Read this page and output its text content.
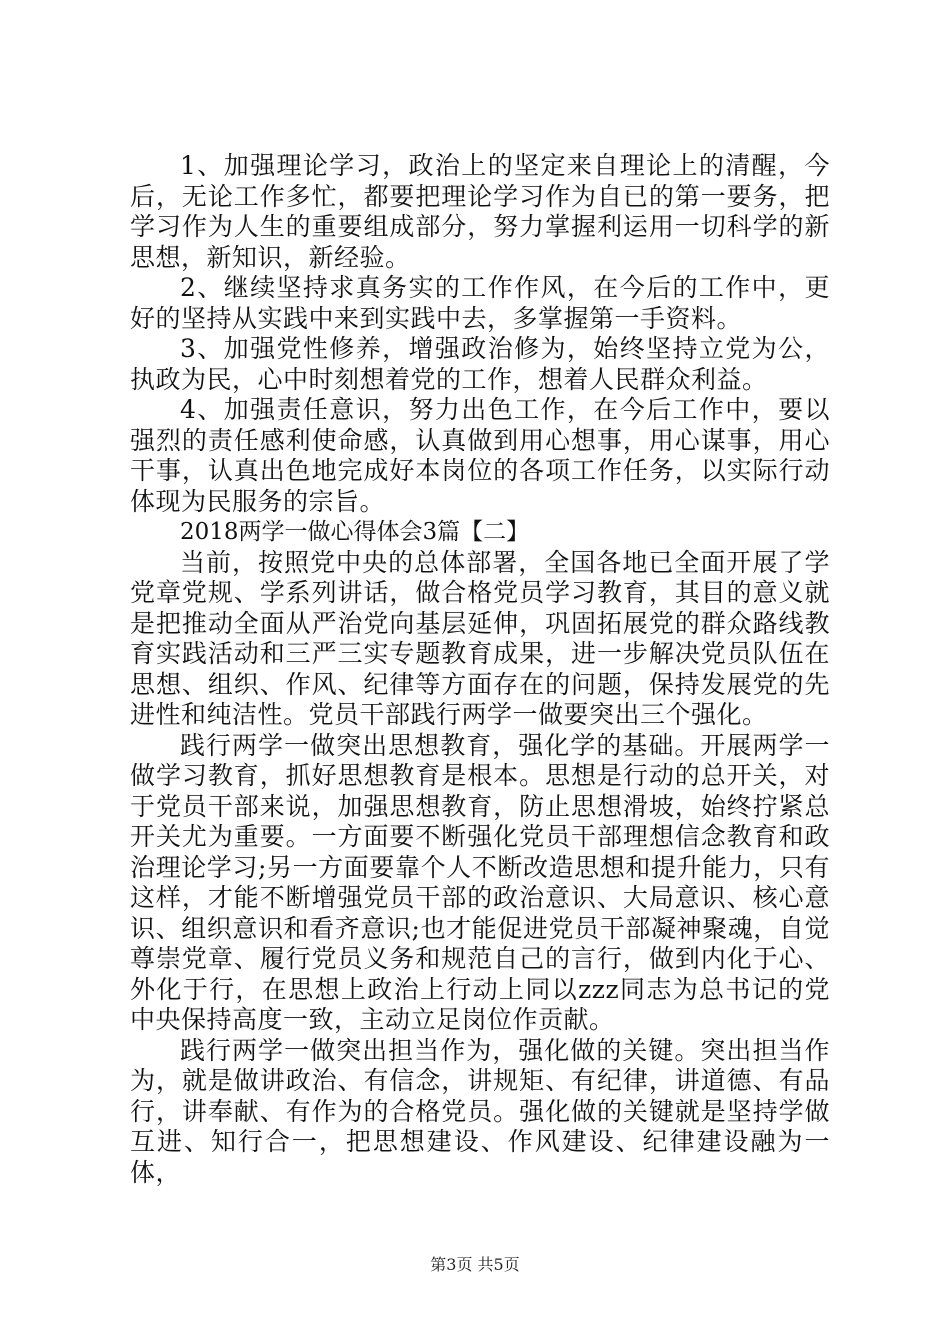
1、加强理论学习，政治上的坚定来自理论上的清醒，今后，无论工作多忙，都要把理论学习作为自已的第一要务，把学习作为人生的重要组成部分，努力掌握利运用一切科学的新思想，新知识，新经验。

2、继续坚持求真务实的工作作风，在今后的工作中，更好的坚持从实践中来到实践中去，多掌握第一手资料。

3、加强党性修养，增强政治修为，始终坚持立党为公，执政为民，心中时刻想着党的工作，想着人民群众利益。

4、加强责任意识，努力出色工作，在今后工作中，要以强烈的责任感利使命感，认真做到用心想事，用心谋事，用心干事，认真出色地完成好本岗位的各项工作任务，以实际行动体现为民服务的宗旨。

2018两学一做心得体会3篇【二】

当前，按照党中央的总体部署，全国各地已全面开展了学党章党规、学系列讲话，做合格党员学习教育，其目的意义就是把推动全面从严治党向基层延伸，巩固拓展党的群众路线教育实践活动和三严三实专题教育成果，进一步解决党员队伍在思想、组织、作风、纪律等方面存在的问题，保持发展党的先进性和纯洁性。党员干部践行两学一做要突出三个强化。

践行两学一做突出思想教育，强化学的基础。开展两学一做学习教育，抓好思想教育是根本。思想是行动的总开关，对于党员干部来说，加强思想教育，防止思想滑坡，始终拧紧总开关尤为重要。一方面要不断强化党员干部理想信念教育和政治理论学习;另一方面要靠个人不断改造思想和提升能力，只有这样，才能不断增强党员干部的政治意识、大局意识、核心意识、组织意识和看齐意识;也才能促进党员干部凝神聚魂，自觉尊崇党章、履行党员义务和规范自己的言行，做到内化于心、外化于行，在思想上政治上行动上同以zzz同志为总书记的党中央保持高度一致，主动立足岗位作贡献。

践行两学一做突出担当作为，强化做的关键。突出担当作为，就是做讲政治、有信念，讲规矩、有纪律，讲道德、有品行，讲奉献、有作为的合格党员。强化做的关键就是坚持学做互进、知行合一，把思想建设、作风建设、纪律建设融为一体，

第3页 共5页
